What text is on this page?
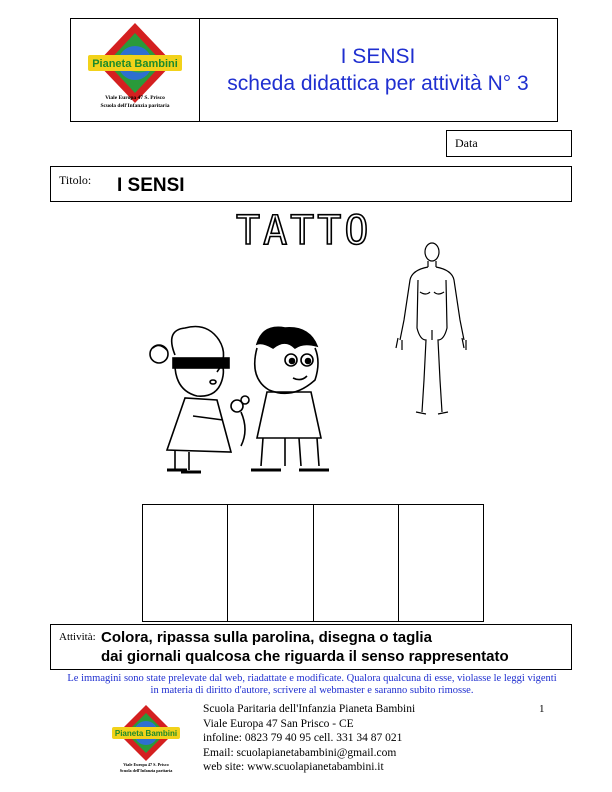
Pianeta Bambini
Viale Europa 47 S. Prisco
Scuola dell'Infanzia paritaria
I SENSI
scheda didattica per attività N° 3
Data
Titolo: I SENSI
TATTO
Attività: Colora, ripassa sulla parolina, disegna o taglia
dai giornali qualcosa che riguarda il senso rappresentato
Le immagini sono state prelevate dal web, riadattate e modificate. Qualora qualcuna di esse, violasse le leggi vigenti
in materia di diritto d'autore, scrivere al webmaster e saranno subito rimosse.
1
Pianeta Bambini
Viale Europa 47 S. Prisco
Scuola dell'Infanzia paritaria
Scuola Paritaria dell'Infanzia Pianeta Bambini
Viale Europa 47 San Prisco - CE
infoline: 0823 79 40 95 cell. 331 34 87 021
Email: scuolapianetabambini@gmail.com
web site: www.scuolapianetabambini.it
